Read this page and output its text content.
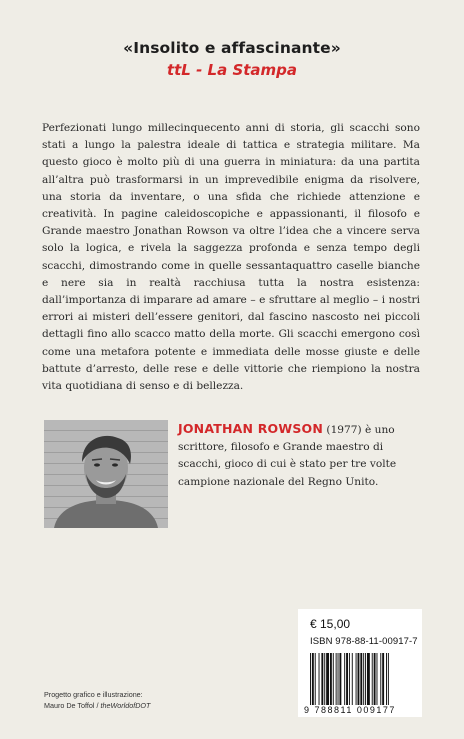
«Insolito e affascinante»

ttL - La Stampa

Perfezionati lungo millecinquecento anni di storia, gli scacchi sono stati a lungo la palestra ideale di tattica e strategia militare. Ma questo gioco è molto più di una guerra in miniatura: da una partita all’altra può trasformarsi in un imprevedibile enigma da risolvere, una storia da inventare, o una sfida che richiede attenzione e creatività. In pagine caleidoscopiche e appassionanti, il filosofo e Grande maestro Jonathan Rowson va oltre l’idea che a vincere serva solo la logica, e rivela la saggezza profonda e senza tempo degli scacchi, dimostrando come in quelle sessantaquattro caselle bianche e nere sia in realtà racchiusa tutta la nostra esistenza: dall’importanza di imparare ad amare – e sfruttare al meglio – i nostri errori ai misteri dell’essere genitori, dal fascino nascosto nei piccoli dettagli fino allo scacco matto della morte. Gli scacchi emergono così come una metafora potente e immediata delle mosse giuste e delle battute d’arresto, delle rese e delle vittorie che riempiono la nostra vita quotidiana di senso e di bellezza.

JONATHAN ROWSON (1977) è uno scrittore, filosofo e Grande maestro di scacchi, gioco di cui è stato per tre volte campione nazionale del Regno Unito.

€ 15,00
ISBN 978-88-11-00917-7
9 788811 009177
Progetto grafico e illustrazione:
Mauro De Toffol / theWorldofDOT
